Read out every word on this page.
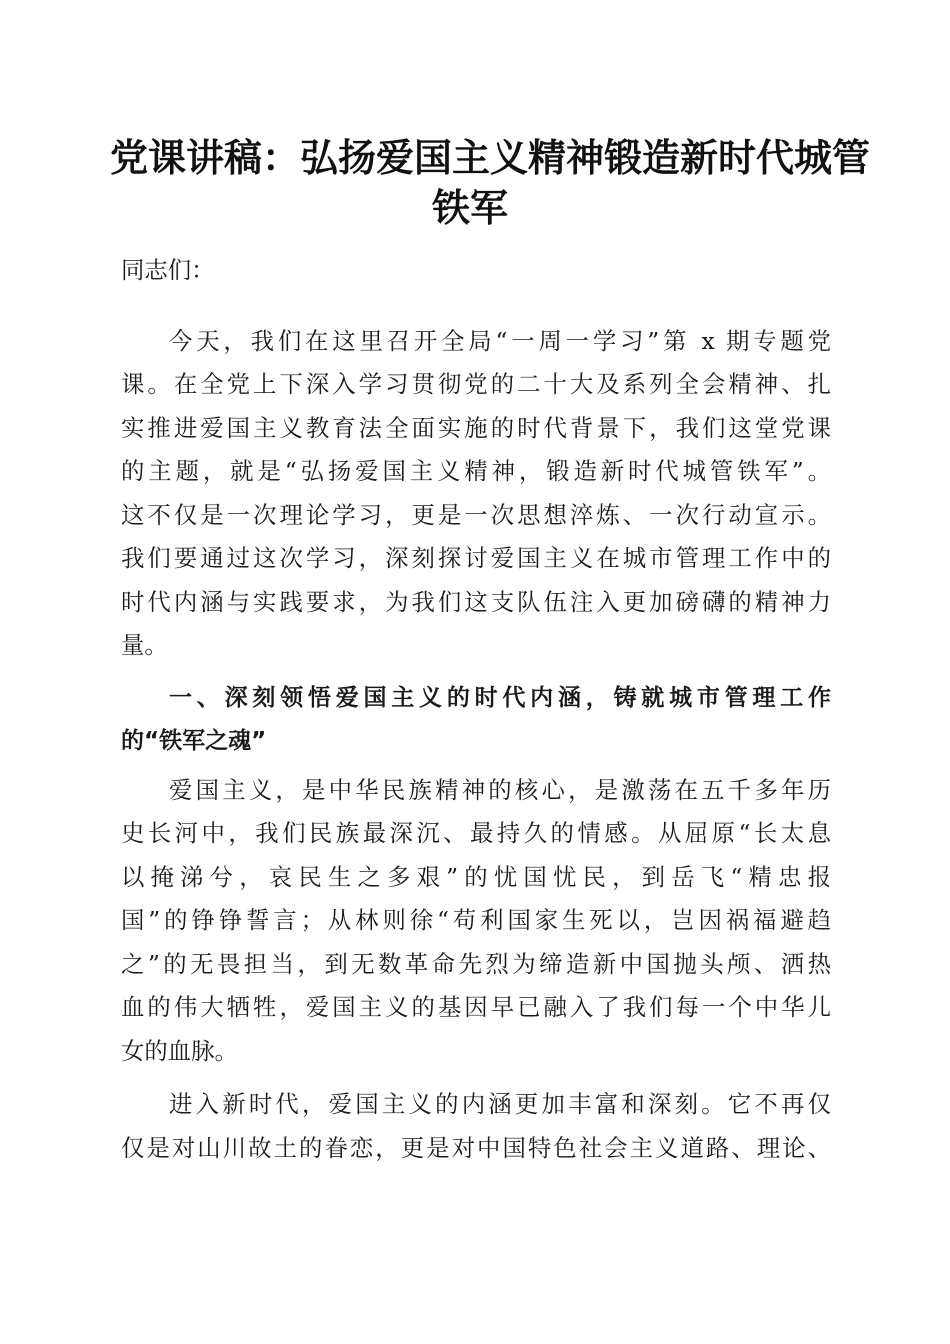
党课讲稿：弘扬爱国主义精神锻造新时代城管
铁军
同志们：
今天，我们在这里召开全局“一周一学习”第 x 期专题党
课。在全党上下深入学习贯彻党的二十大及系列全会精神、扎
实推进爱国主义教育法全面实施的时代背景下，我们这堂党课
的主题，就是“弘扬爱国主义精神，锻造新时代城管铁军”。
这不仅是一次理论学习，更是一次思想淬炼、一次行动宣示。
我们要通过这次学习，深刻探讨爱国主义在城市管理工作中的
时代内涵与实践要求，为我们这支队伍注入更加磅礴的精神力
量。
一、深刻领悟爱国主义的时代内涵，铸就城市管理工作
的“铁军之魂”
爱国主义，是中华民族精神的核心，是激荡在五千多年历
史长河中，我们民族最深沉、最持久的情感。从屈原“长太息
以掩涕兮，哀民生之多艰”的忧国忧民，到岳飞“精忠报
国”的铮铮誓言；从林则徐“苟利国家生死以，岂因祸福避趋
之”的无畏担当，到无数革命先烈为缔造新中国抛头颅、洒热
血的伟大牺牲，爱国主义的基因早已融入了我们每一个中华儿
女的血脉。
进入新时代，爱国主义的内涵更加丰富和深刻。它不再仅
仅是对山川故土的眷恋，更是对中国特色社会主义道路、理论、
